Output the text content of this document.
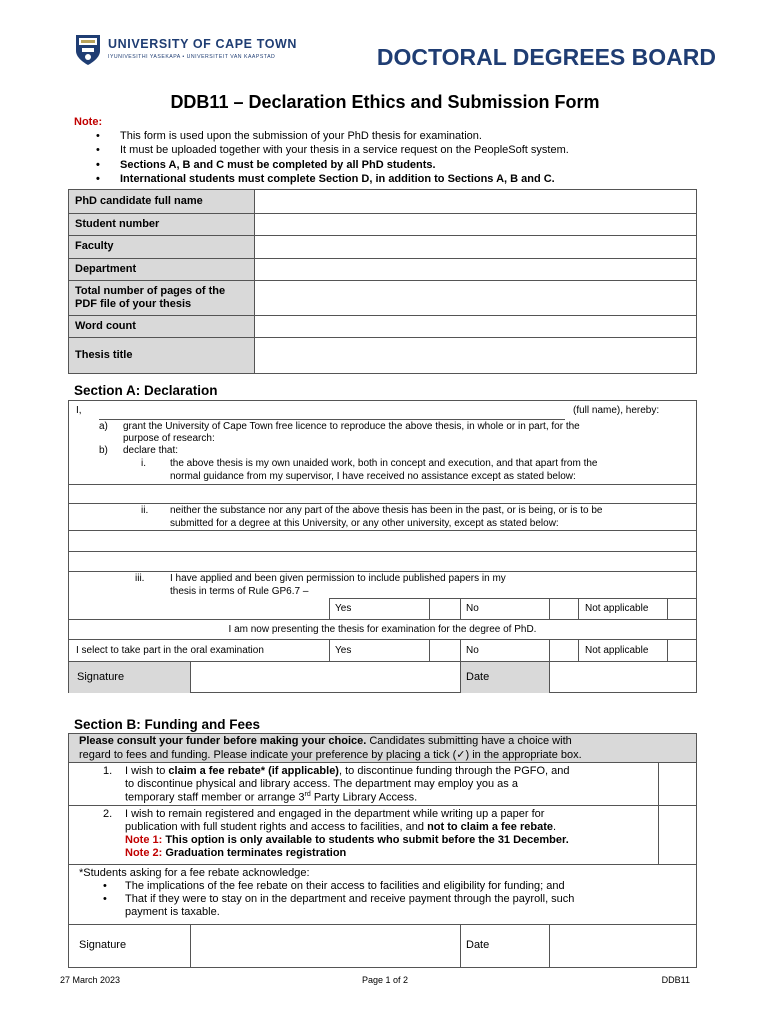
UNIVERSITY OF CAPE TOWN
IYUNIVESITHI YASEKAPA • UNIVERSITEIT VAN KAAPSTAD	DOCTORAL DEGREES BOARD
DDB11 – Declaration Ethics and Submission Form
Note:
• This form is used upon the submission of your PhD thesis for examination.
• It must be uploaded together with your thesis in a service request on the PeopleSoft system.
• Sections A, B and C must be completed by all PhD students.
• International students must complete Section D, in addition to Sections A, B and C.
PhD candidate full name	
Student number	
Faculty	
Department	
Total number of pages of the PDF file of your thesis	
Word count	
Thesis title	
Section A: Declaration
I,	(full name), hereby:
a) grant the University of Cape Town free licence to reproduce the above thesis, in whole or in part, for the
purpose of research:
b) declare that:
i. the above thesis is my own unaided work, both in concept and execution, and that apart from the
normal guidance from my supervisor, I have received no assistance except as stated below:
ii. neither the substance nor any part of the above thesis has been in the past, or is being, or is to be
submitted for a degree at this University, or any other university, except as stated below:
iii.	I have applied and been given permission to include published papers in my
thesis in terms of Rule GP6.7 –
Yes	No	Not applicable
I am now presenting the thesis for examination for the degree of PhD.
I select to take part in the oral examination	Yes	No	Not applicable
Signature	Date
Section B: Funding and Fees
Please consult your funder before making your choice. Candidates submitting have a choice with
regard to fees and funding. Please indicate your preference by placing a tick (✓) in the appropriate box.
1. I wish to claim a fee rebate* (if applicable), to discontinue funding through the PGFO, and
to discontinue physical and library access. The department may employ you as a
temporary staff member or arrange 3rd Party Library Access.
2. I wish to remain registered and engaged in the department while writing up a paper for
publication with full student rights and access to facilities, and not to claim a fee rebate.
Note 1: This option is only available to students who submit before the 31 December.
Note 2: Graduation terminates registration
*Students asking for a fee rebate acknowledge:
• The implications of the fee rebate on their access to facilities and eligibility for funding; and
• That if they were to stay on in the department and receive payment through the payroll, such
payment is taxable.
Signature	Date
27 March 2023	Page 1 of 2	DDB11
